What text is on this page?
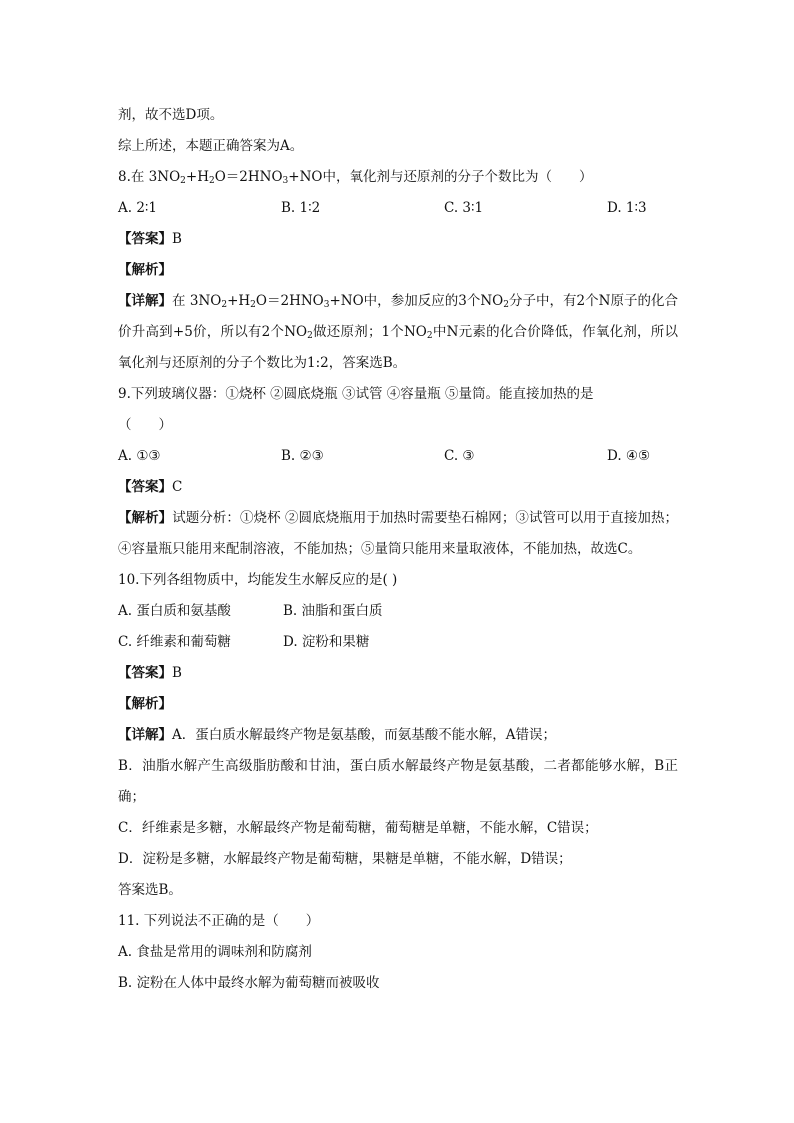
剂，故不选D项。
综上所述，本题正确答案为A。
8.在 $3NO_2+H_2O=2HNO_3+NO$中，氧化剂与还原剂的分子个数比为（　　）
A. 2∶1	B. 1∶2	C. 3∶1	D. 1∶3
【答案】B
【解析】
【详解】在 $3NO_2+H_2O=2HNO_3+NO$中，参加反应的3个$NO_2$分子中，有2个N原子的化合价升高到+5价，所以有2个$NO_2$做还原剂；1个$NO_2$中N元素的化合价降低，作氧化剂，所以氧化剂与还原剂的分子个数比为1:2，答案选B。
9.下列玻璃仪器：①烧杯 ②圆底烧瓶 ③试管 ④容量瓶 ⑤量筒。能直接加热的是
（　　）
A. ①③	B. ②③	C. ③	D. ④⑤
【答案】C
【解析】试题分析：①烧杯 ②圆底烧瓶用于加热时需要垫石棉网；③试管可以用于直接加热；④容量瓶只能用来配制溶液，不能加热；⑤量筒只能用来量取液体，不能加热，故选C。
10.下列各组物质中，均能发生水解反应的是( )
A. 蛋白质和氨基酸	B. 油脂和蛋白质
C. 纤维素和葡萄糖	D. 淀粉和果糖
【答案】B
【解析】
【详解】A．蛋白质水解最终产物是氨基酸，而氨基酸不能水解，A错误；
B．油脂水解产生高级脂肪酸和甘油，蛋白质水解最终产物是氨基酸，二者都能够水解，B正确；
C．纤维素是多糖，水解最终产物是葡萄糖，葡萄糖是单糖，不能水解，C错误；
D．淀粉是多糖，水解最终产物是葡萄糖，果糖是单糖，不能水解，D错误；
答案选B。
11. 下列说法不正确的是（　　）
A. 食盐是常用的调味剂和防腐剂
B. 淀粉在人体中最终水解为葡萄糖而被吸收
